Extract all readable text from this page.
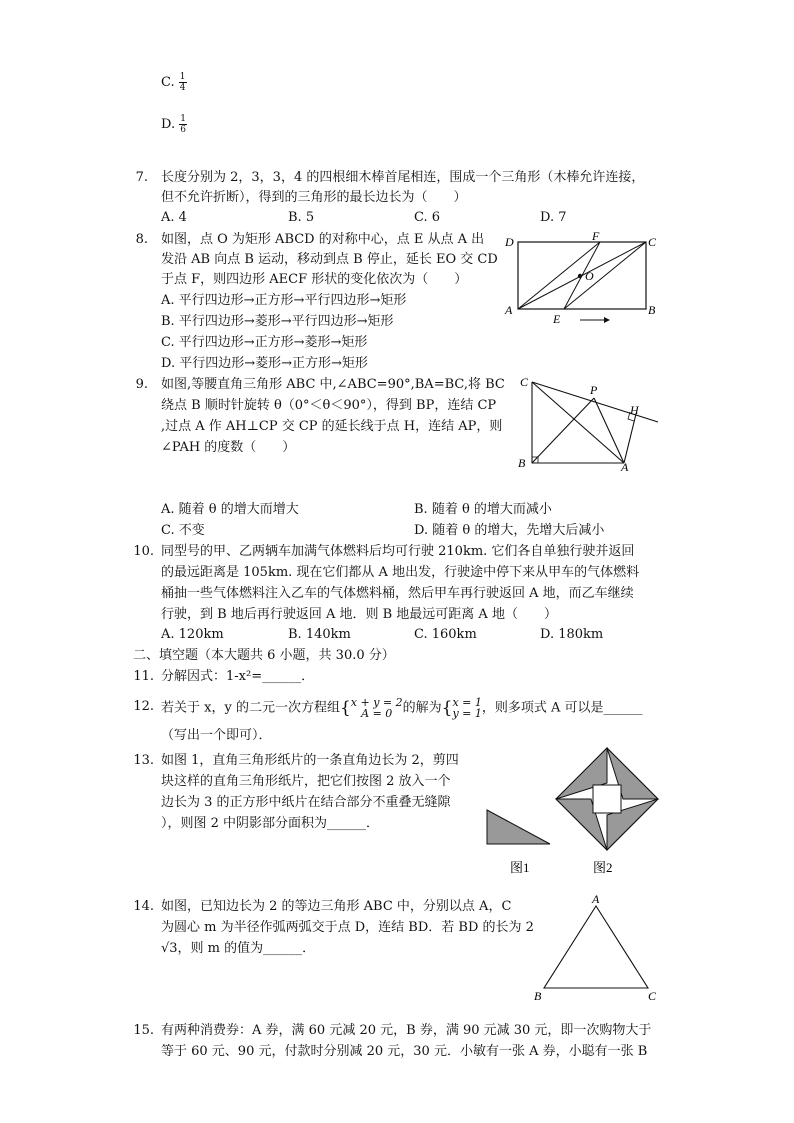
C. $\frac{1}{4}$
D. $\frac{1}{6}$
7. 长度分别为 2，3，3，4 的四根细木棒首尾相连，围成一个三角形（木棒允许连接，
但不允许折断），得到的三角形的最长边长为（　　）
A. 4	B. 5	C. 6	D. 7
8. 如图，点 O 为矩形 ABCD 的对称中心，点 E 从点 A 出
发沿 AB 向点 B 运动，移动到点 B 停止，延长 EO 交 CD
于点 F，则四边形 AECF 形状的变化依次为（　　）
A. 平行四边形→正方形→平行四边形→矩形
B. 平行四边形→菱形→平行四边形→矩形
C. 平行四边形→正方形→菱形→矩形
D. 平行四边形→菱形→正方形→矩形
D	F	C
O
A
E
B
9. 如图,等腰直角三角形 ABC 中,∠ABC=90°,BA=BC,将 BC
绕点 B 顺时针旋转 θ（0°＜θ＜90°），得到 BP，连结 CP
,过点 A 作 AH⊥CP 交 CP 的延长线于点 H，连结 AP，则
∠PAH 的度数（　　）
A. 随着 θ 的增大而增大	B. 随着 θ 的增大而减小
C. 不变	D. 随着 θ 的增大，先增大后减小
C
P
H
B	A
10. 同型号的甲、乙两辆车加满气体燃料后均可行驶 210km. 它们各自单独行驶并返回
的最远距离是 105km. 现在它们都从 A 地出发，行驶途中停下来从甲车的气体燃料
桶抽一些气体燃料注入乙车的气体燃料桶，然后甲车再行驶返回 A 地，而乙车继续
行驶，到 B 地后再行驶返回 A 地．则 B 地最远可距离 A 地（　　）
A. 120km	B. 140km	C. 160km	D. 180km
二、填空题（本大题共 6 小题，共 30.0 分）
11. 分解因式：1-x²=______．
12. 若关于 x，y 的二元一次方程组{ x + y = 2
A = 0 的解为{ x = 1
y = 1 ，则多项式 A 可以是______
（写出一个即可）．
13. 如图 1，直角三角形纸片的一条直角边长为 2，剪四
块这样的直角三角形纸片，把它们按图 2 放入一个
边长为 3 的正方形中纸片在结合部分不重叠无缝隙
），则图 2 中阴影部分面积为______．
图1	图2
14. 如图，已知边长为 2 的等边三角形 ABC 中，分别以点 A，C
为圆心 m 为半径作弧两弧交于点 D，连结 BD．若 BD 的长为 2
√3，则 m 的值为______．
A
B	C
15. 有两种消费券：A 券，满 60 元减 20 元，B 券，满 90 元减 30 元，即一次购物大于
等于 60 元、90 元，付款时分别减 20 元，30 元．小敏有一张 A 券，小聪有一张 B
